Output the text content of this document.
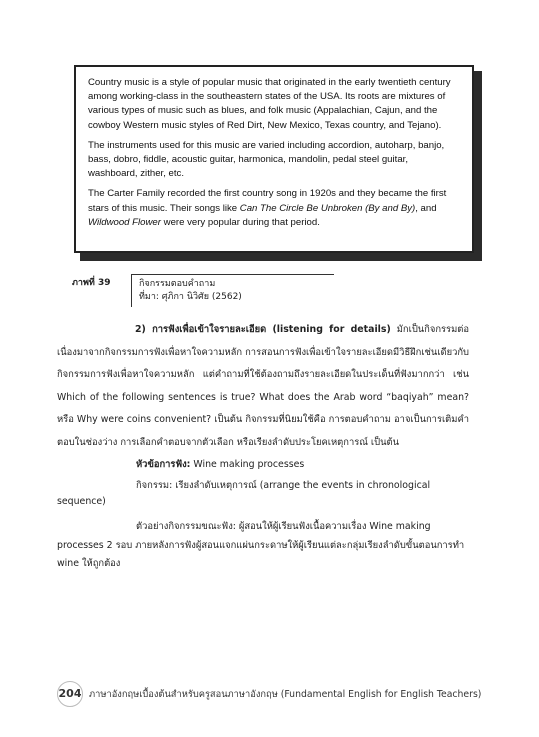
Country music is a style of popular music that originated in the early twentieth century among working-class in the southeastern states of the USA. Its roots are mixtures of various types of music such as blues, and folk music (Appalachian, Cajun, and the cowboy Western music styles of Red Dirt, New Mexico, Texas country, and Tejano).

The instruments used for this music are varied including accordion, autoharp, banjo, bass, dobro, fiddle, acoustic guitar, harmonica, mandolin, pedal steel guitar, washboard, zither, etc.

The Carter Family recorded the first country song in 1920s and they became the first stars of this music. Their songs like Can The Circle Be Unbroken (By and By), and Wildwood Flower were very popular during that period.

ภาพที่ 39	กิจกรรมตอบคำถาม
ที่มา: ศุภิกา นิวิศัย (2562)
2) การฟังเพื่อเข้าใจรายละเอียด (listening for details) มักเป็นกิจกรรมต่อเนื่องมาจากกิจกรรมการฟังเพื่อหาใจความหลัก การสอนการฟังเพื่อเข้าใจรายละเอียดมีวิธีฝึกเช่นเดียวกับกิจกรรมการฟังเพื่อหาใจความหลัก แต่คำถามที่ใช้ต้องถามถึงรายละเอียดในประเด็นที่ฟังมากกว่า เช่น Which of the following sentences is true? What does the Arab word “baqiyah” mean? หรือ Why were coins convenient? เป็นต้น กิจกรรมที่นิยมใช้คือ การตอบคำถาม อาจเป็นการเติมคำตอบในช่องว่าง การเลือกคำตอบจากตัวเลือก หรือเรียงลำดับประโยคเหตุการณ์ เป็นต้น
หัวข้อการฟัง: Wine making processes
กิจกรรม: เรียงลำดับเหตุการณ์ (arrange the events in chronological
sequence)
ตัวอย่างกิจกรรมขณะฟัง: ผู้สอนให้ผู้เรียนฟังเนื้อความเรื่อง Wine making
processes 2 รอบ ภายหลังการฟังผู้สอนแจกแผ่นกระดาษให้ผู้เรียนแต่ละกลุ่มเรียงลำดับขั้นตอนการทำ
wine ให้ถูกต้อง
204 ภาษาอังกฤษเบื้องต้นสำหรับครูสอนภาษาอังกฤษ (Fundamental English for English Teachers)
